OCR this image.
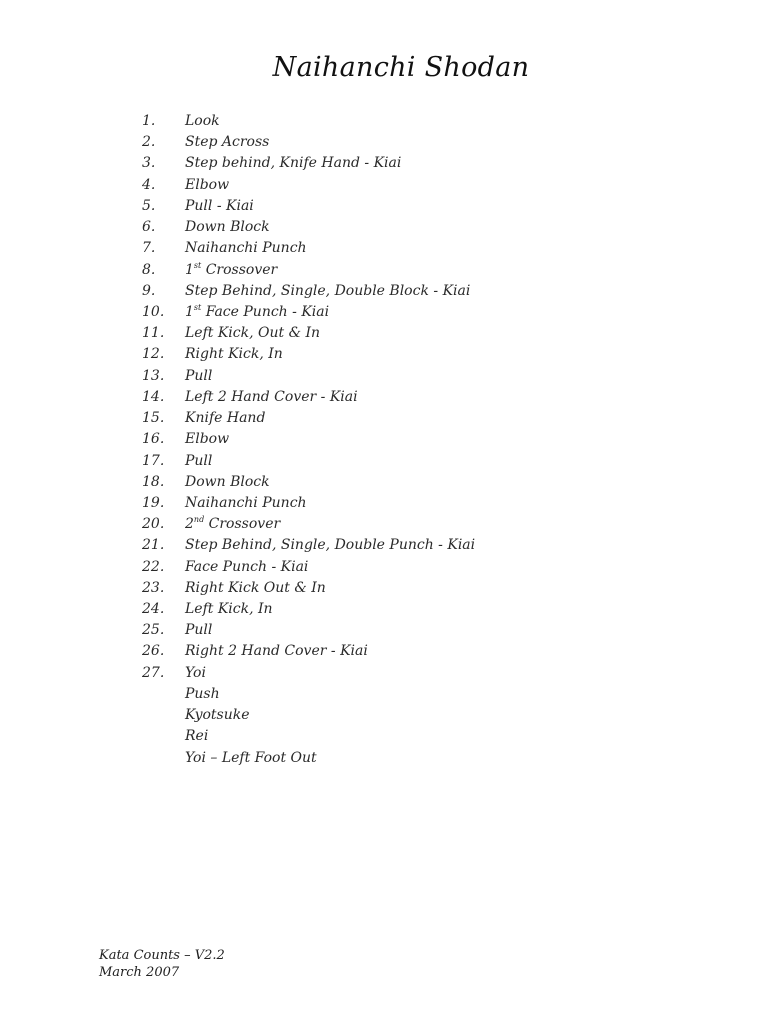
Naihanchi Shodan
1.	Look
2.	Step Across
3.	Step behind, Knife Hand - Kiai
4.	Elbow
5.	Pull - Kiai
6.	Down Block
7.	Naihanchi Punch
8.	1st Crossover
9.	Step Behind, Single, Double Block - Kiai
10.	1st Face Punch - Kiai
11.	Left Kick, Out & In
12.	Right Kick, In
13.	Pull
14.	Left 2 Hand Cover - Kiai
15.	Knife Hand
16.	Elbow
17.	Pull
18.	Down Block
19.	Naihanchi Punch
20.	2nd Crossover
21.	Step Behind, Single, Double Punch - Kiai
22.	Face Punch - Kiai
23.	Right Kick Out & In
24.	Left Kick, In
25.	Pull
26.	Right 2 Hand Cover - Kiai
27.	Yoi
Push
Kyotsuke
Rei
Yoi – Left Foot Out
Kata Counts – V2.2
March 2007
